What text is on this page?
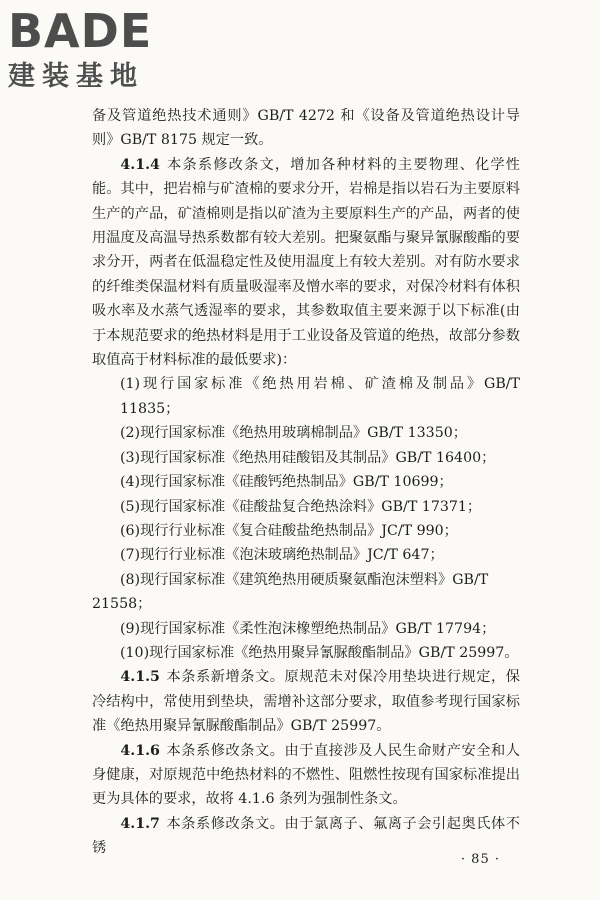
BADE
建装基地

备及管道绝热技术通则》GB/T 4272 和《设备及管道绝热设计导则》GB/T 8175 规定一致。

4.1.4 本条系修改条文，增加各种材料的主要物理、化学性能。其中，把岩棉与矿渣棉的要求分开，岩棉是指以岩石为主要原料生产的产品，矿渣棉则是指以矿渣为主要原料生产的产品，两者的使用温度及高温导热系数都有较大差别。把聚氨酯与聚异氰脲酸酯的要求分开，两者在低温稳定性及使用温度上有较大差别。对有防水要求的纤维类保温材料有质量吸湿率及憎水率的要求，对保冷材料有体积吸水率及水蒸气透湿率的要求，其参数取值主要来源于以下标准(由于本规范要求的绝热材料是用于工业设备及管道的绝热，故部分参数取值高于材料标准的最低要求)：

(1)现行国家标准《绝热用岩棉、矿渣棉及制品》GB/T 11835；

(2)现行国家标准《绝热用玻璃棉制品》GB/T 13350；

(3)现行国家标准《绝热用硅酸铝及其制品》GB/T 16400；

(4)现行国家标准《硅酸钙绝热制品》GB/T 10699；

(5)现行国家标准《硅酸盐复合绝热涂料》GB/T 17371；

(6)现行行业标准《复合硅酸盐绝热制品》JC/T 990；

(7)现行行业标准《泡沫玻璃绝热制品》JC/T 647；

(8)现行国家标准《建筑绝热用硬质聚氨酯泡沫塑料》GB/T

21558；

(9)现行国家标准《柔性泡沫橡塑绝热制品》GB/T 17794；

(10)现行国家标准《绝热用聚异氰脲酸酯制品》GB/T 25997。

4.1.5 本条系新增条文。原规范未对保冷用垫块进行规定，保冷结构中，常使用到垫块，需增补这部分要求，取值参考现行国家标准《绝热用聚异氰脲酸酯制品》GB/T 25997。

4.1.6 本条系修改条文。由于直接涉及人民生命财产安全和人身健康，对原规范中绝热材料的不燃性、阻燃性按现有国家标准提出更为具体的要求，故将 4.1.6 条列为强制性条文。

4.1.7 本条系修改条文。由于氯离子、氟离子会引起奥氏体不锈

· 85 ·
